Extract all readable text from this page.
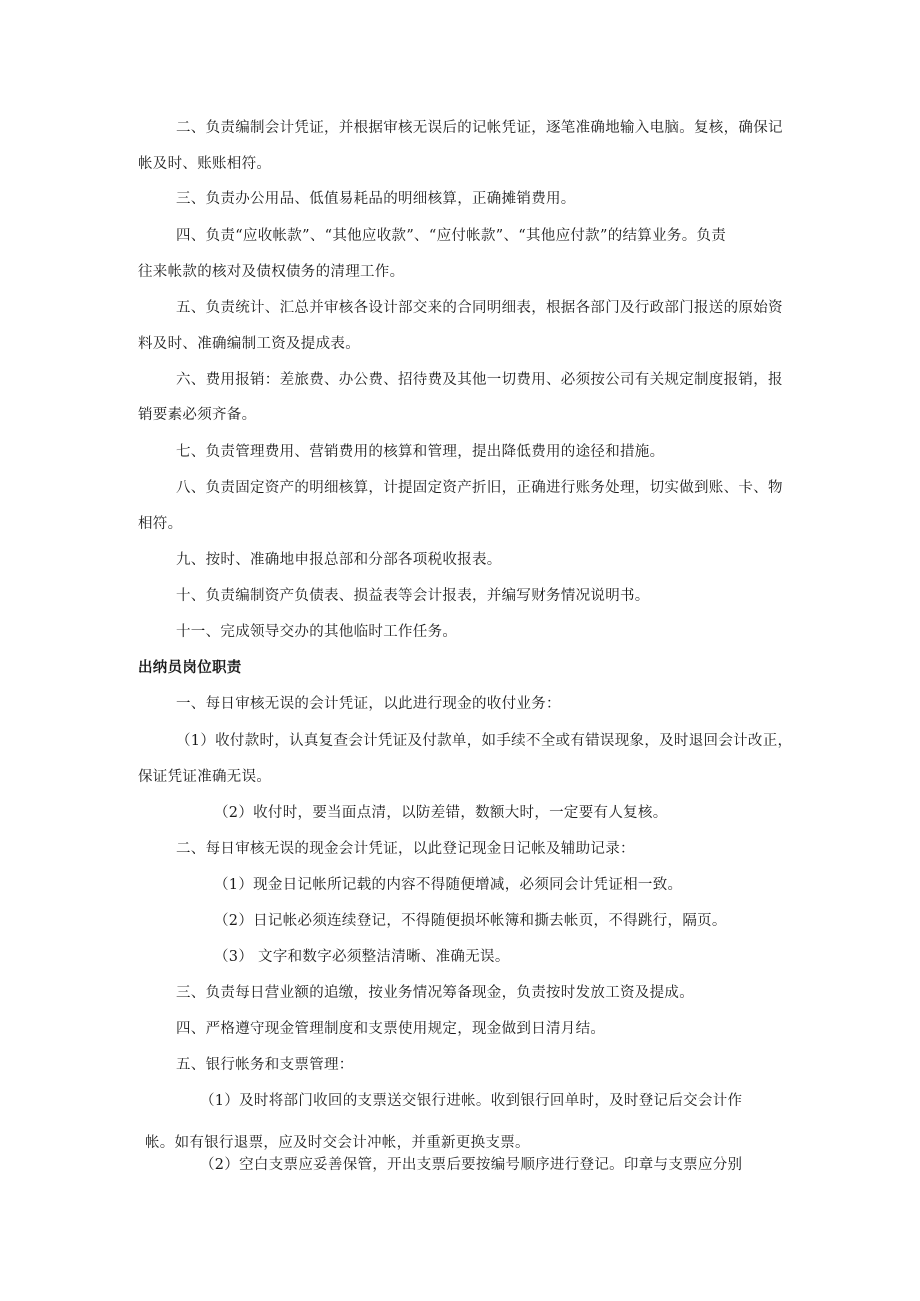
二、负责编制会计凭证，并根据审核无误后的记帐凭证，逐笔准确地输入电脑。复核，确保记
帐及时、账账相符。
三、负责办公用品、低值易耗品的明细核算，正确摊销费用。
四、负责“应收帐款”、“其他应收款”、“应付帐款”、“其他应付款”的结算业务。负责
往来帐款的核对及债权债务的清理工作。
五、负责统计、汇总并审核各设计部交来的合同明细表，根据各部门及行政部门报送的原始资
料及时、准确编制工资及提成表。
六、费用报销：差旅费、办公费、招待费及其他一切费用、必须按公司有关规定制度报销，报
销要素必须齐备。
七、负责管理费用、营销费用的核算和管理，提出降低费用的途径和措施。
八、负责固定资产的明细核算，计提固定资产折旧，正确进行账务处理，切实做到账、卡、物
相符。
九、按时、准确地申报总部和分部各项税收报表。
十、负责编制资产负债表、损益表等会计报表，并编写财务情况说明书。
十一、完成领导交办的其他临时工作任务。
出纳员岗位职责
一、每日审核无误的会计凭证，以此进行现金的收付业务：
（1）收付款时，认真复查会计凭证及付款单，如手续不全或有错误现象，及时退回会计改正，
保证凭证准确无误。
（2）收付时，要当面点清，以防差错，数额大时，一定要有人复核。
二、每日审核无误的现金会计凭证，以此登记现金日记帐及辅助记录：
（1）现金日记帐所记载的内容不得随便增减，必须同会计凭证相一致。
（2）日记帐必须连续登记，不得随便损坏帐簿和撕去帐页，不得跳行，隔页。
（3） 文字和数字必须整洁清晰、准确无误。
三、负责每日营业额的追缴，按业务情况筹备现金，负责按时发放工资及提成。
四、严格遵守现金管理制度和支票使用规定，现金做到日清月结。
五、银行帐务和支票管理：
（1）及时将部门收回的支票送交银行进帐。收到银行回单时，及时登记后交会计作
帐。如有银行退票，应及时交会计冲帐，并重新更换支票。
（2）空白支票应妥善保管，开出支票后要按编号顺序进行登记。印章与支票应分别
